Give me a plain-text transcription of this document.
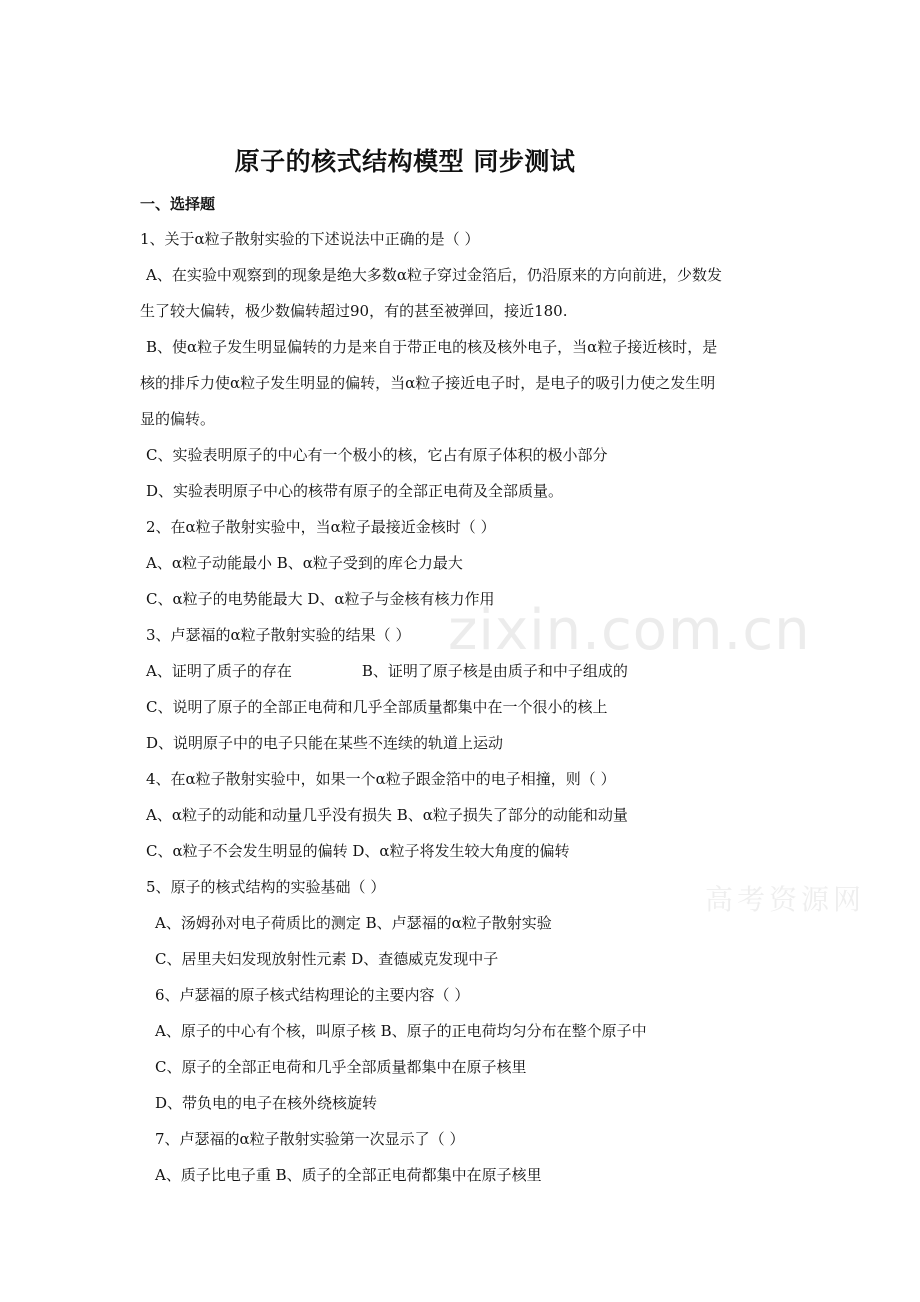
zixin.com.cn
高考资源网
原子的核式结构模型 同步测试
一、选择题
1、关于α粒子散射实验的下述说法中正确的是（ ）
A、在实验中观察到的现象是绝大多数α粒子穿过金箔后，仍沿原来的方向前进，少数发
生了较大偏转，极少数偏转超过90，有的甚至被弹回，接近180.
B、使α粒子发生明显偏转的力是来自于带正电的核及核外电子，当α粒子接近核时，是
核的排斥力使α粒子发生明显的偏转，当α粒子接近电子时，是电子的吸引力使之发生明
显的偏转。
C、实验表明原子的中心有一个极小的核，它占有原子体积的极小部分
D、实验表明原子中心的核带有原子的全部正电荷及全部质量。
2、在α粒子散射实验中，当α粒子最接近金核时（ ）
A、α粒子动能最小 B、α粒子受到的库仑力最大
C、α粒子的电势能最大 D、α粒子与金核有核力作用
3、卢瑟福的α粒子散射实验的结果（ ）
A、证明了质子的存在	B、证明了原子核是由质子和中子组成的
C、说明了原子的全部正电荷和几乎全部质量都集中在一个很小的核上
D、说明原子中的电子只能在某些不连续的轨道上运动
4、在α粒子散射实验中，如果一个α粒子跟金箔中的电子相撞，则（ ）
A、α粒子的动能和动量几乎没有损失 B、α粒子损失了部分的动能和动量
C、α粒子不会发生明显的偏转 D、α粒子将发生较大角度的偏转
5、原子的核式结构的实验基础（ ）
A、汤姆孙对电子荷质比的测定 B、卢瑟福的α粒子散射实验
C、居里夫妇发现放射性元素 D、查德威克发现中子
6、卢瑟福的原子核式结构理论的主要内容（ ）
A、原子的中心有个核，叫原子核 B、原子的正电荷均匀分布在整个原子中
C、原子的全部正电荷和几乎全部质量都集中在原子核里
D、带负电的电子在核外绕核旋转
7、卢瑟福的α粒子散射实验第一次显示了（ ）
A、质子比电子重 B、质子的全部正电荷都集中在原子核里
